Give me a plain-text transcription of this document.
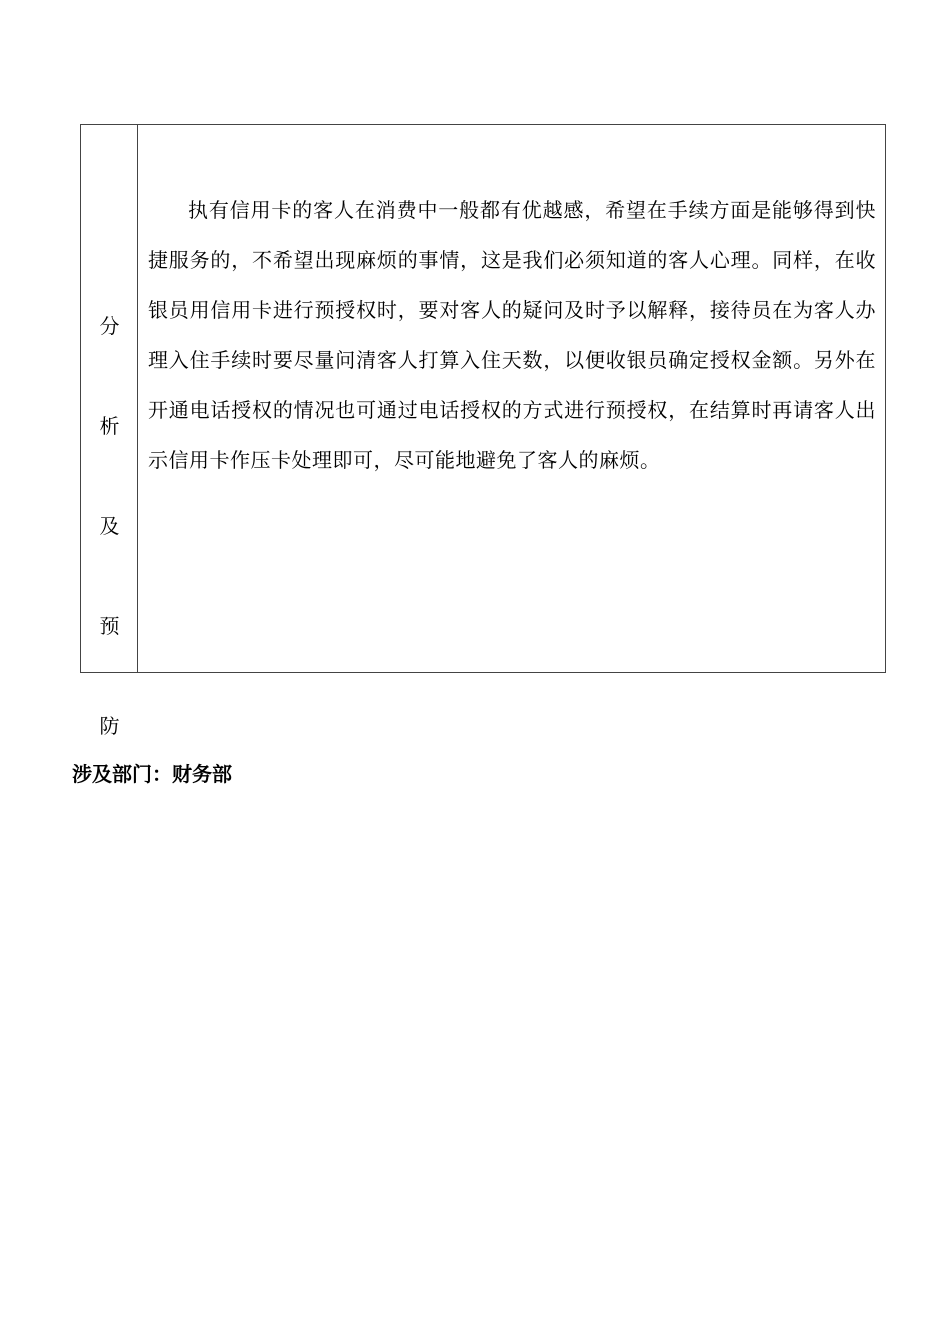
分
析
及
预
防

执有信用卡的客人在消费中一般都有优越感，希望在手续方面是能够得到快捷服务的，不希望出现麻烦的事情，这是我们必须知道的客人心理。同样，在收银员用信用卡进行预授权时，要对客人的疑问及时予以解释，接待员在为客人办理入住手续时要尽量问清客人打算入住天数，以便收银员确定授权金额。另外在开通电话授权的情况也可通过电话授权的方式进行预授权，在结算时再请客人出示信用卡作压卡处理即可，尽可能地避免了客人的麻烦。

涉及部门：财务部
